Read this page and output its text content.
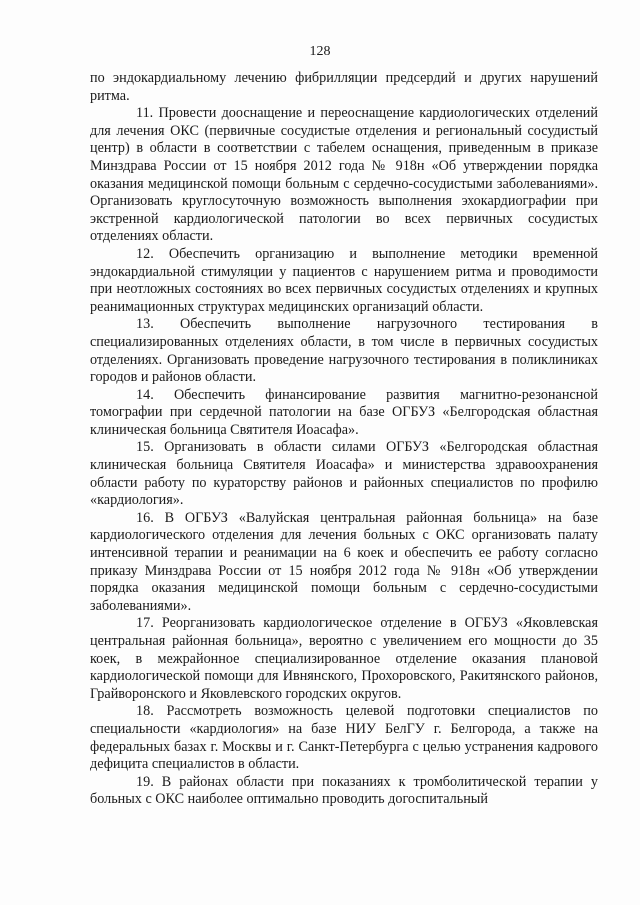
128

по эндокардиальному лечению фибрилляции предсердий и других нарушений ритма.

11. Провести дооснащение и переоснащение кардиологических отделений для лечения ОКС (первичные сосудистые отделения и региональный сосудистый центр) в области в соответствии с табелем оснащения, приведенным в приказе Минздрава России от 15 ноября 2012 года № 918н «Об утверждении порядка оказания медицинской помощи больным с сердечно-сосудистыми заболеваниями». Организовать круглосуточную возможность выполнения эхокардиографии при экстренной кардиологической патологии во всех первичных сосудистых отделениях области.

12. Обеспечить организацию и выполнение методики временной эндокардиальной стимуляции у пациентов с нарушением ритма и проводимости при неотложных состояниях во всех первичных сосудистых отделениях и крупных реанимационных структурах медицинских организаций области.

13. Обеспечить выполнение нагрузочного тестирования в специализированных отделениях области, в том числе в первичных сосудистых отделениях. Организовать проведение нагрузочного тестирования в поликлиниках городов и районов области.

14. Обеспечить финансирование развития магнитно-резонансной томографии при сердечной патологии на базе ОГБУЗ «Белгородская областная клиническая больница Святителя Иоасафа».

15. Организовать в области силами ОГБУЗ «Белгородская областная клиническая больница Святителя Иоасафа» и министерства здравоохранения области работу по кураторству районов и районных специалистов по профилю «кардиология».

16. В ОГБУЗ «Валуйская центральная районная больница» на базе кардиологического отделения для лечения больных с ОКС организовать палату интенсивной терапии и реанимации на 6 коек и обеспечить ее работу согласно приказу Минздрава России от 15 ноября 2012 года № 918н «Об утверждении порядка оказания медицинской помощи больным с сердечно-сосудистыми заболеваниями».

17. Реорганизовать кардиологическое отделение в ОГБУЗ «Яковлевская центральная районная больница», вероятно с увеличением его мощности до 35 коек, в межрайонное специализированное отделение оказания плановой кардиологической помощи для Ивнянского, Прохоровского, Ракитянского районов, Грайворонского и Яковлевского городских округов.

18. Рассмотреть возможность целевой подготовки специалистов по специальности «кардиология» на базе НИУ БелГУ г. Белгорода, а также на федеральных базах г. Москвы и г. Санкт-Петербурга с целью устранения кадрового дефицита специалистов в области.

19. В районах области при показаниях к тромболитической терапии у больных с ОКС наиболее оптимально проводить догоспитальный
